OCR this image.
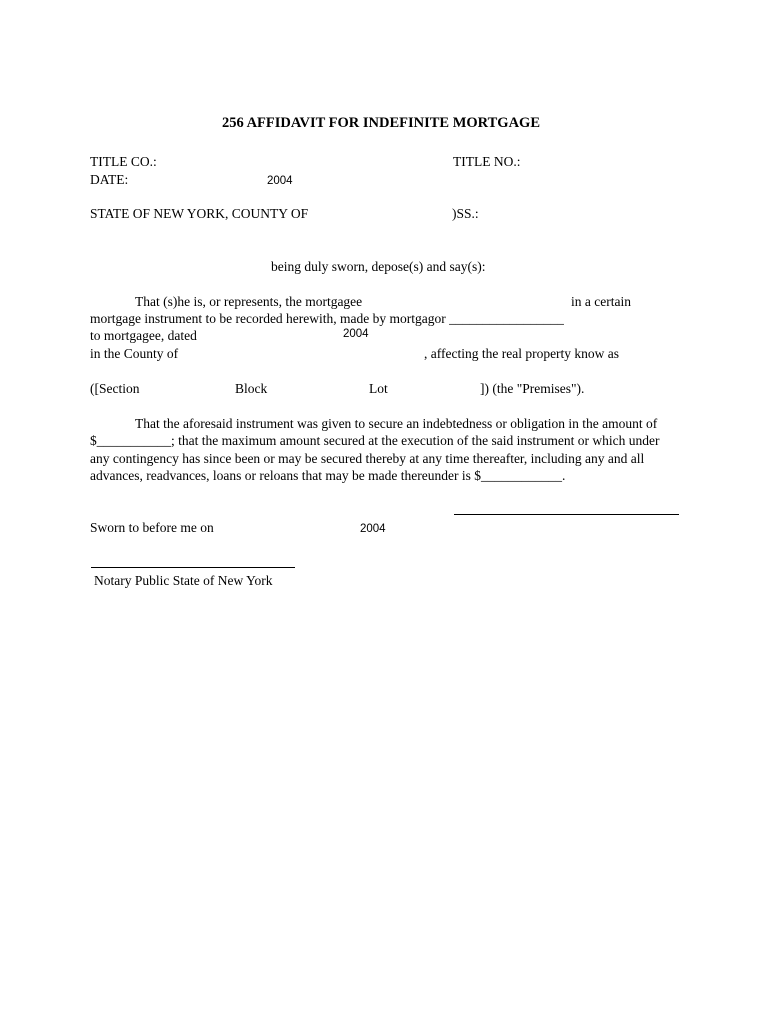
256 AFFIDAVIT FOR INDEFINITE MORTGAGE
TITLE CO.:	TITLE NO.:
DATE:	2004
STATE OF NEW YORK, COUNTY OF	)SS.:
being duly sworn, depose(s) and say(s):
That (s)he is, or represents, the mortgagee	in a certain
mortgage instrument to be recorded herewith, made by mortgagor _________________
to mortgagee, dated	2004
in the County of	, affecting the real property know as
([Section	Block	Lot	]) (the "Premises").
That the aforesaid instrument was given to secure an indebtedness or obligation in the amount of
$___________; that the maximum amount secured at the execution of the said instrument or which under
any contingency has since been or may be secured thereby at any time thereafter, including any and all
advances, readvances, loans or reloans that may be made thereunder is $____________.
Sworn to before me on	2004
Notary Public State of New York
